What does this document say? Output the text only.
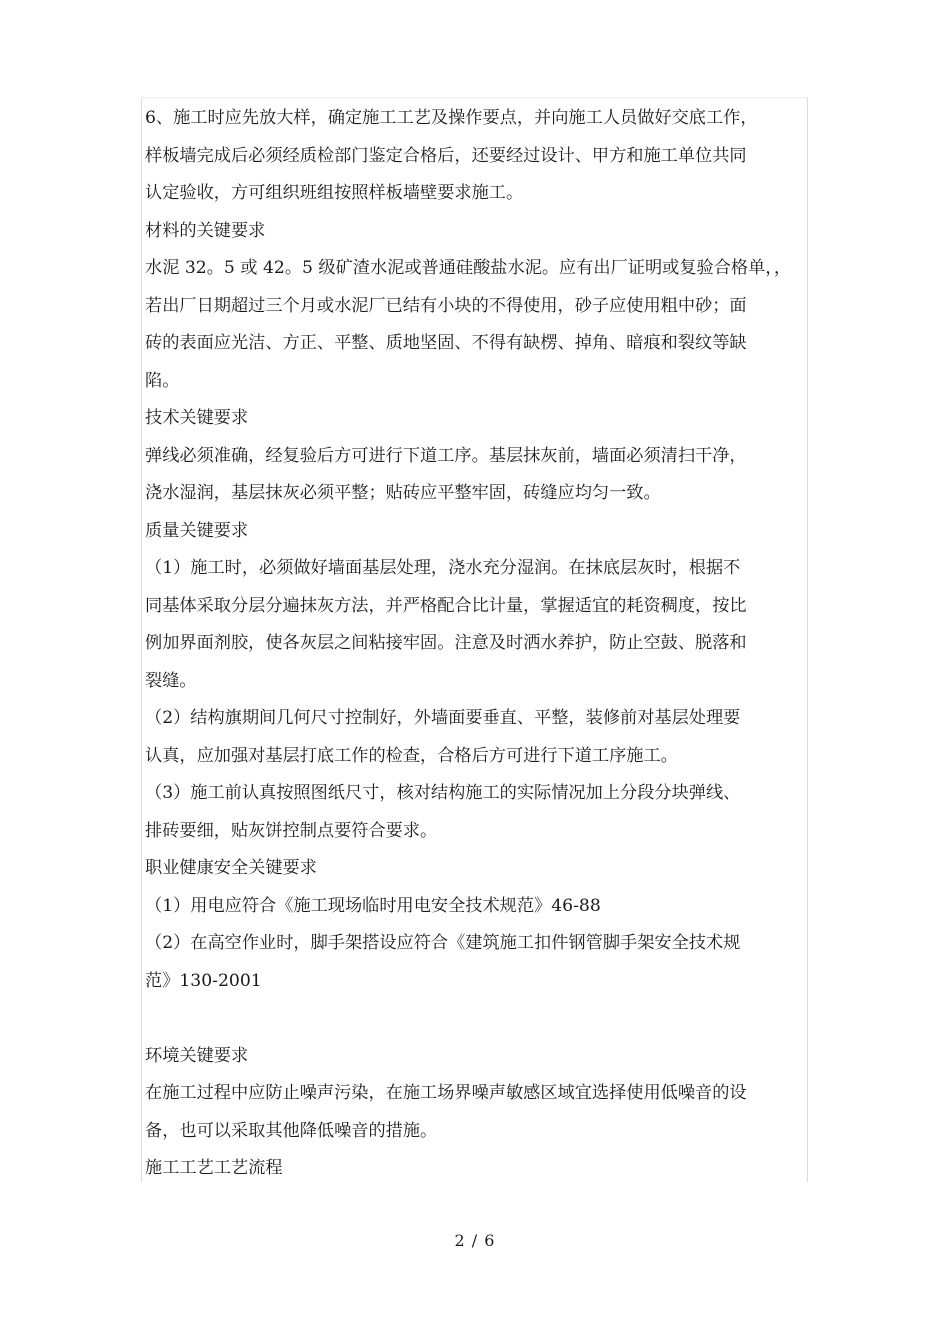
6、施工时应先放大样，确定施工工艺及操作要点，并向施工人员做好交底工作，
样板墙完成后必须经质检部门鉴定合格后，还要经过设计、甲方和施工单位共同
认定验收，方可组织班组按照样板墙壁要求施工。
材料的关键要求
水泥 32。5 或 42。5 级矿渣水泥或普通硅酸盐水泥。应有出厂证明或复验合格单，，
若出厂日期超过三个月或水泥厂已结有小块的不得使用，砂子应使用粗中砂；面
砖的表面应光洁、方正、平整、质地坚固、不得有缺楞、掉角、暗痕和裂纹等缺
陷。
技术关键要求
弹线必须准确，经复验后方可进行下道工序。基层抹灰前，墙面必须清扫干净，
浇水湿润，基层抹灰必须平整；贴砖应平整牢固，砖缝应均匀一致。
质量关键要求
（1）施工时，必须做好墙面基层处理，浇水充分湿润。在抹底层灰时，根据不
同基体采取分层分遍抹灰方法，并严格配合比计量，掌握适宜的耗资稠度，按比
例加界面剂胶，使各灰层之间粘接牢固。注意及时洒水养护，防止空鼓、脱落和
裂缝。
（2）结构旗期间几何尺寸控制好，外墙面要垂直、平整，装修前对基层处理要
认真，应加强对基层打底工作的检查，合格后方可进行下道工序施工。
（3）施工前认真按照图纸尺寸，核对结构施工的实际情况加上分段分块弹线、
排砖要细，贴灰饼控制点要符合要求。
职业健康安全关键要求
（1）用电应符合《施工现场临时用电安全技术规范》46-88
（2）在高空作业时，脚手架搭设应符合《建筑施工扣件钢管脚手架安全技术规
范》130-2001
环境关键要求
在施工过程中应防止噪声污染，在施工场界噪声敏感区域宜选择使用低噪音的设
备，也可以采取其他降低噪音的措施。
施工工艺工艺流程
2 / 6
